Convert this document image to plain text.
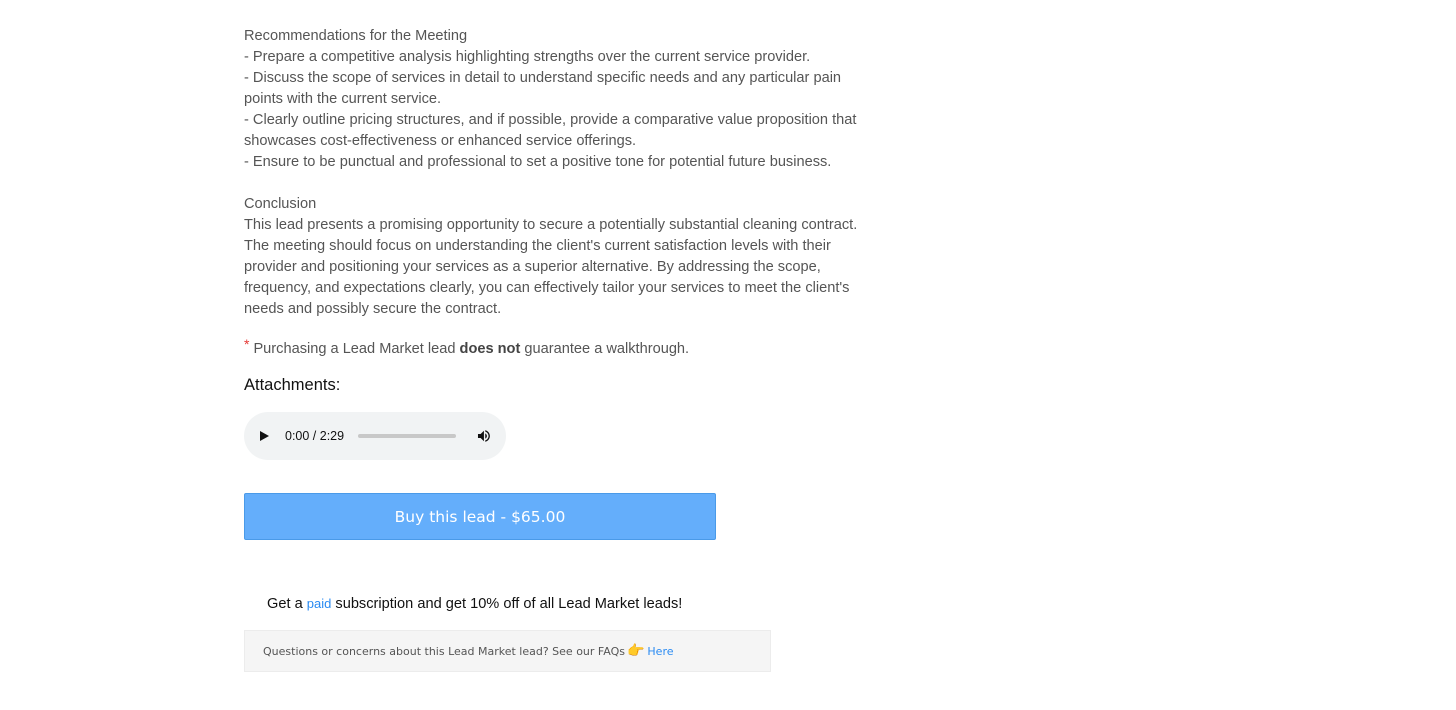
Recommendations for the Meeting

- Prepare a competitive analysis highlighting strengths over the current service provider.

- Discuss the scope of services in detail to understand specific needs and any particular pain points with the current service.

- Clearly outline pricing structures, and if possible, provide a comparative value proposition that showcases cost-effectiveness or enhanced service offerings.

- Ensure to be punctual and professional to set a positive tone for potential future business.

Conclusion

This lead presents a promising opportunity to secure a potentially substantial cleaning contract. The meeting should focus on understanding the client's current satisfaction levels with their provider and positioning your services as a superior alternative. By addressing the scope, frequency, and expectations clearly, you can effectively tailor your services to meet the client's needs and possibly secure the contract.

* Purchasing a Lead Market lead does not guarantee a walkthrough.
Attachments:
0:00 / 2:29
Buy this lead - $65.00
Get a paid subscription and get 10% off of all Lead Market leads!
Questions or concerns about this Lead Market lead? See our FAQs 👉 Here
